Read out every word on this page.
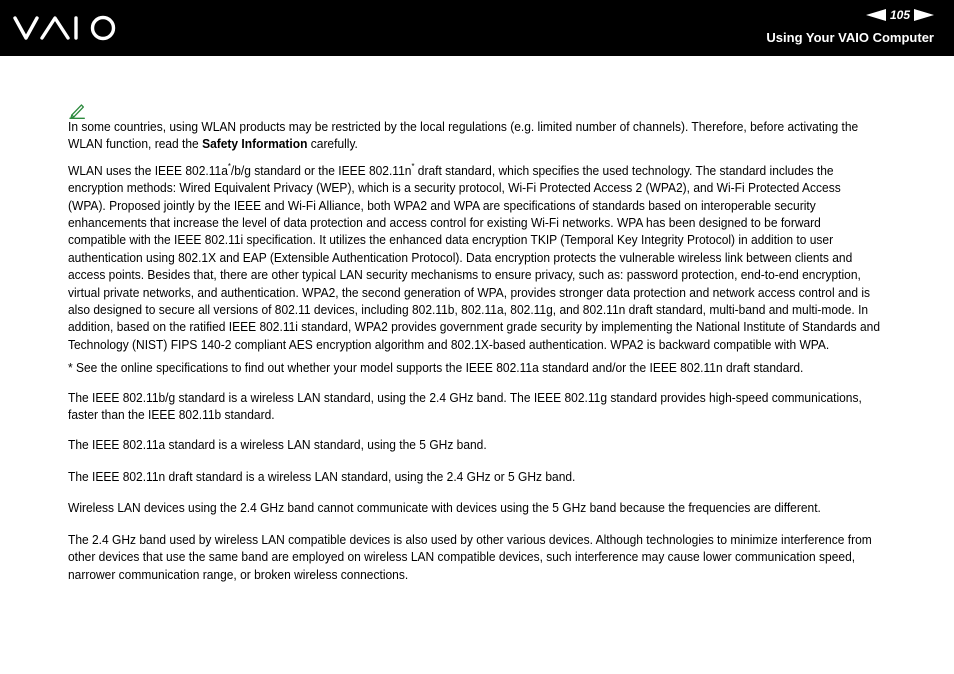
105
Using Your VAIO Computer

In some countries, using WLAN products may be restricted by the local regulations (e.g. limited number of channels). Therefore, before activating the WLAN function, read the Safety Information carefully.

WLAN uses the IEEE 802.11a*/b/g standard or the IEEE 802.11n* draft standard, which specifies the used technology. The standard includes the encryption methods: Wired Equivalent Privacy (WEP), which is a security protocol, Wi-Fi Protected Access 2 (WPA2), and Wi-Fi Protected Access (WPA). Proposed jointly by the IEEE and Wi-Fi Alliance, both WPA2 and WPA are specifications of standards based on interoperable security enhancements that increase the level of data protection and access control for existing Wi-Fi networks. WPA has been designed to be forward compatible with the IEEE 802.11i specification. It utilizes the enhanced data encryption TKIP (Temporal Key Integrity Protocol) in addition to user authentication using 802.1X and EAP (Extensible Authentication Protocol). Data encryption protects the vulnerable wireless link between clients and access points. Besides that, there are other typical LAN security mechanisms to ensure privacy, such as: password protection, end-to-end encryption, virtual private networks, and authentication. WPA2, the second generation of WPA, provides stronger data protection and network access control and is also designed to secure all versions of 802.11 devices, including 802.11b, 802.11a, 802.11g, and 802.11n draft standard, multi-band and multi-mode. In addition, based on the ratified IEEE 802.11i standard, WPA2 provides government grade security by implementing the National Institute of Standards and Technology (NIST) FIPS 140-2 compliant AES encryption algorithm and 802.1X-based authentication. WPA2 is backward compatible with WPA.

* See the online specifications to find out whether your model supports the IEEE 802.11a standard and/or the IEEE 802.11n draft standard.

The IEEE 802.11b/g standard is a wireless LAN standard, using the 2.4 GHz band. The IEEE 802.11g standard provides high-speed communications, faster than the IEEE 802.11b standard.

The IEEE 802.11a standard is a wireless LAN standard, using the 5 GHz band.

The IEEE 802.11n draft standard is a wireless LAN standard, using the 2.4 GHz or 5 GHz band.

Wireless LAN devices using the 2.4 GHz band cannot communicate with devices using the 5 GHz band because the frequencies are different.

The 2.4 GHz band used by wireless LAN compatible devices is also used by other various devices. Although technologies to minimize interference from other devices that use the same band are employed on wireless LAN compatible devices, such interference may cause lower communication speed, narrower communication range, or broken wireless connections.
